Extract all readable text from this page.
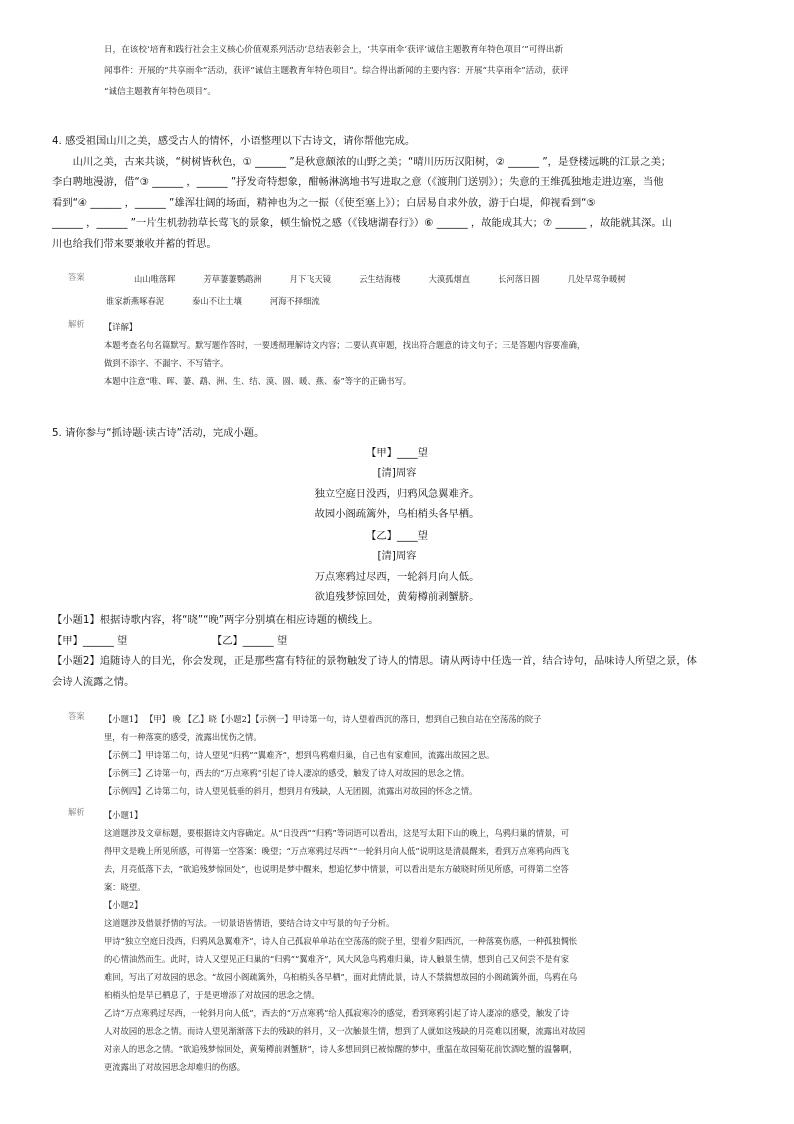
日，在该校‘培育和践行社会主义核心价值观系列活动’总结表彰会上，‘共享雨伞’获评‘诚信主题教育年特色项目’”可得出新

闻事件：开展的“共享雨伞”活动，获评“诚信主题教育年特色项目”。综合得出新闻的主要内容：开展“共享雨伞”活动，获评

“诚信主题教育年特色项目”。

4. 感受祖国山川之美，感受古人的情怀，小语整理以下古诗文，请你帮他完成。

山川之美，古来共谈，“树树皆秋色，① ______ ”是秋意颇浓的山野之美；“晴川历历汉阳树，② ______ ”，是登楼远眺的江景之美；

李白聘地漫游，借“③ ______ ，______ ”抒发奇特想象，酣畅淋漓地书写进取之意（《渡荆门送别》）；失意的王维孤独地走进边塞，当他

看到“④ ______ ，______ ”雄浑壮阔的场面，精神也为之一振（《使至塞上》）；白居易自求外放，游于白堤，仰视看到“⑤

______ ，______ ”一片生机勃勃草长莺飞的景象，顿生愉悦之感（《钱塘湖春行》）⑥ ______ ，故能成其大；⑦ ______ ，故能就其深。山

川也给我们带来要兼收并蓄的哲思。

答案	山山唯落晖	芳草萋萋鹦鹉洲	月下飞天镜	云生结海楼	大漠孤烟直	长河落日圆	几处早莺争暖树
谁家新燕啄春泥	泰山不让土壤	河海不择细流
解析	【详解】

本题考查名句名篇默写。默写题作答时，一要透彻理解诗文内容；二要认真审题，找出符合题意的诗文句子；三是答题内容要准确，

做到不添字、不漏字、不写错字。

本题中注意“唯、晖、萋、鹉、洲、生、结、漠、圆、暖、燕、泰”等字的正确书写。

5. 请你参与“抓诗题·读古诗”活动，完成小题。

【甲】____望

[清]周容

独立空庭日没西，归鸦风急翼难齐。

故园小阁疏篱外，乌桕梢头各早栖。

【乙】____望

[清]周容

万点寒鸦过尽西，一轮斜月向人低。

欲追残梦惊回处，黄菊樽前剥蟹脐。

【小题1】根据诗歌内容，将“晓”“晚”两字分别填在相应诗题的横线上。

【甲】______ 望	【乙】______ 望

【小题2】追随诗人的目光，你会发现，正是那些富有特征的景物触发了诗人的情思。请从两诗中任选一首，结合诗句，品味诗人所望之景，体

会诗人流露之情。

答案	【小题1】 【甲】 晚 【乙】晓【小题2】【示例一】甲诗第一句，诗人望着西沉的落日，想到自己独自站在空荡荡的院子

里，有一种落寞的感受，流露出忧伤之情。

【示例二】甲诗第二句，诗人望见“归鸦”“翼难齐”，想到鸟鸦难归巢，自己也有家难回，流露出故园之思。

【示例三】乙诗第一句，西去的“万点寒鸦”引起了诗人凄凉的感受，触发了诗人对故园的思念之情。

【示例四】乙诗第二句，诗人望见低垂的斜月，想到月有残缺，人无团圆，流露出对故园的怀念之情。

解析	【小题1】

这道题涉及文章标题，要根据诗文内容确定。从“日没西”“归鸦”等词语可以看出，这是写太阳下山的晚上，鸟鸦归巢的情景，可

得甲文是晚上所见所感，可得第一空答案：晚望；“万点寒鸦过尽西”“一轮斜月向人低”说明这是清晨醒来，看到万点寒鸦向西飞

去，月亮低落下去，“欲追残梦惊回处”，也说明是梦中醒来，想追忆梦中情景，可以看出是东方破晓时所见所感，可得第二空答

案：晓望。

【小题2】

这道题涉及借景抒情的写法。一切景语皆情语，要结合诗文中写景的句子分析。

甲诗“独立空庭日没西，归鸦风急翼难齐”，诗人自己孤寂单单站在空荡荡的院子里，望着夕阳西沉，一种落寞伤感，一种孤独惆怅

的心情油然而生。此时，诗人又望见正归巢的“归鸦”“翼难齐”，风大风急鸟鸦难归巢，诗人触景生情，想到自己又何尝不是有家

难回，写出了对故园的思念。“故园小阁疏篱外，乌桕梢头各早栖”，面对此情此景，诗人不禁揣想故园的小阁疏篱外面，鸟鸦在乌

桕梢头怕是早已栖息了，于是更增添了对故园的思念之情。

乙诗“万点寒鸦过尽西，一轮斜月向人低”，西去的“万点寒鸦”给人孤寂寒冷的感觉，看到寒鸦引起了诗人凄凉的感受，触发了诗

人对故园的思念之情。而诗人望见渐渐落下去的残缺的斜月，又一次触景生情，想到了人就如这残缺的月亮难以团聚，流露出对故园

对亲人的思念之情。“欲追残梦惊回处，黄菊樽前剥蟹脐”，诗人多想回到已被惊醒的梦中，重温在故园菊花前饮酒吃蟹的温馨啊，

更流露出了对故园思念却难归的伤感。
